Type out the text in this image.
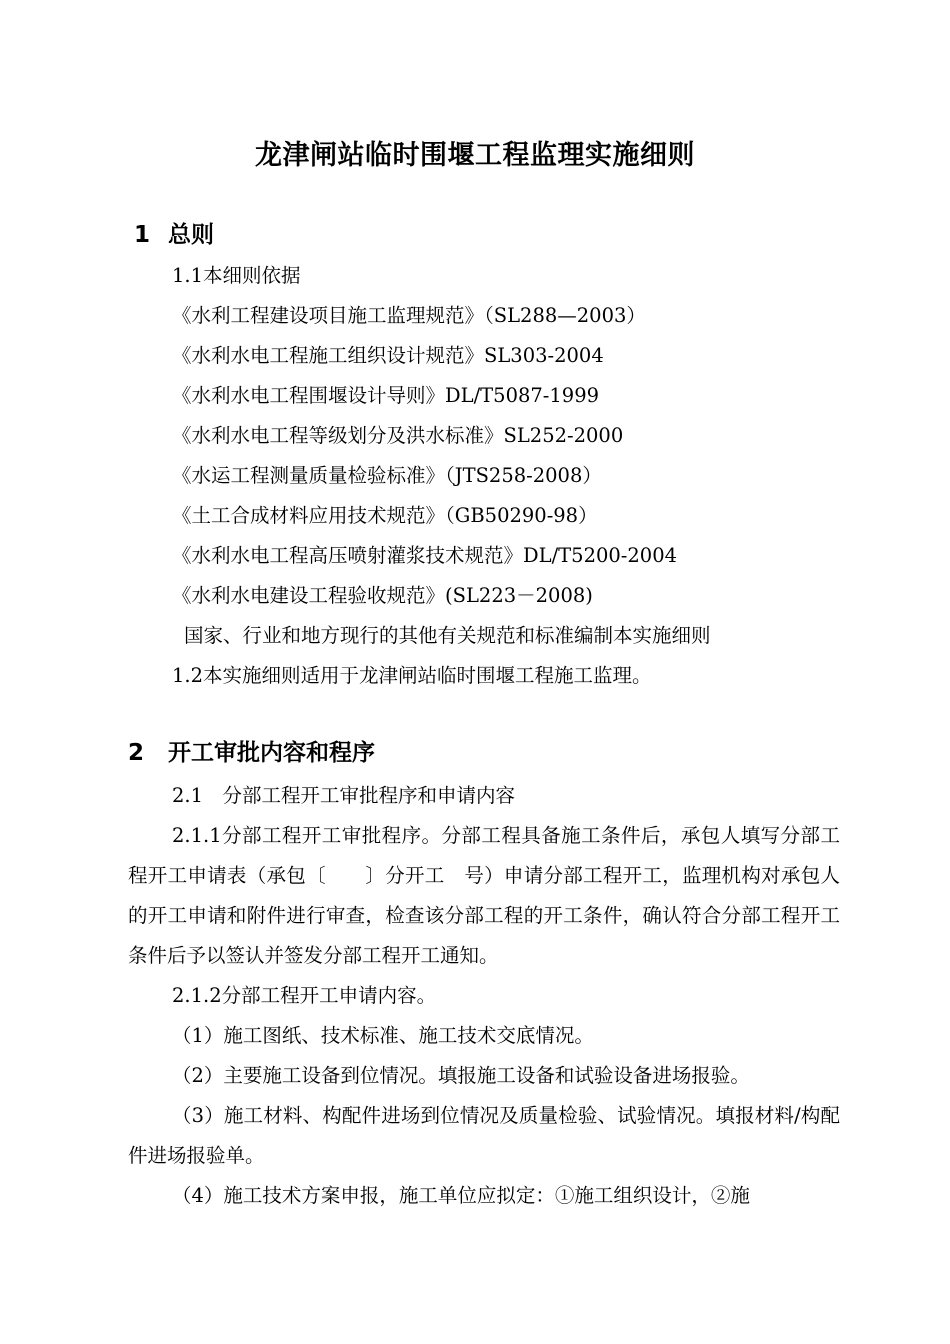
龙津闸站临时围堰工程监理实施细则
1 总则
1.1本细则依据
《水利工程建设项目施工监理规范》（SL288—2003）
《水利水电工程施工组织设计规范》SL303-2004
《水利水电工程围堰设计导则》DL/T5087-1999
《水利水电工程等级划分及洪水标准》SL252-2000
《水运工程测量质量检验标准》（JTS258-2008）
《土工合成材料应用技术规范》（GB50290-98）
《水利水电工程高压喷射灌浆技术规范》DL/T5200-2004
《水利水电建设工程验收规范》(SL223－2008)
国家、行业和地方现行的其他有关规范和标准编制本实施细则
1.2本实施细则适用于龙津闸站临时围堰工程施工监理。
2 开工审批内容和程序
2.1　分部工程开工审批程序和申请内容
2.1.1分部工程开工审批程序。分部工程具备施工条件后，承包人填写分部工程开工申请表（承包〔　　〕分开工　号）申请分部工程开工，监理机构对承包人的开工申请和附件进行审查，检查该分部工程的开工条件，确认符合分部工程开工条件后予以签认并签发分部工程开工通知。
2.1.2分部工程开工申请内容。
（1）施工图纸、技术标准、施工技术交底情况。
（2）主要施工设备到位情况。填报施工设备和试验设备进场报验。
（3）施工材料、构配件进场到位情况及质量检验、试验情况。填报材料/构配件进场报验单。
（4）施工技术方案申报，施工单位应拟定：①施工组织设计，②施
